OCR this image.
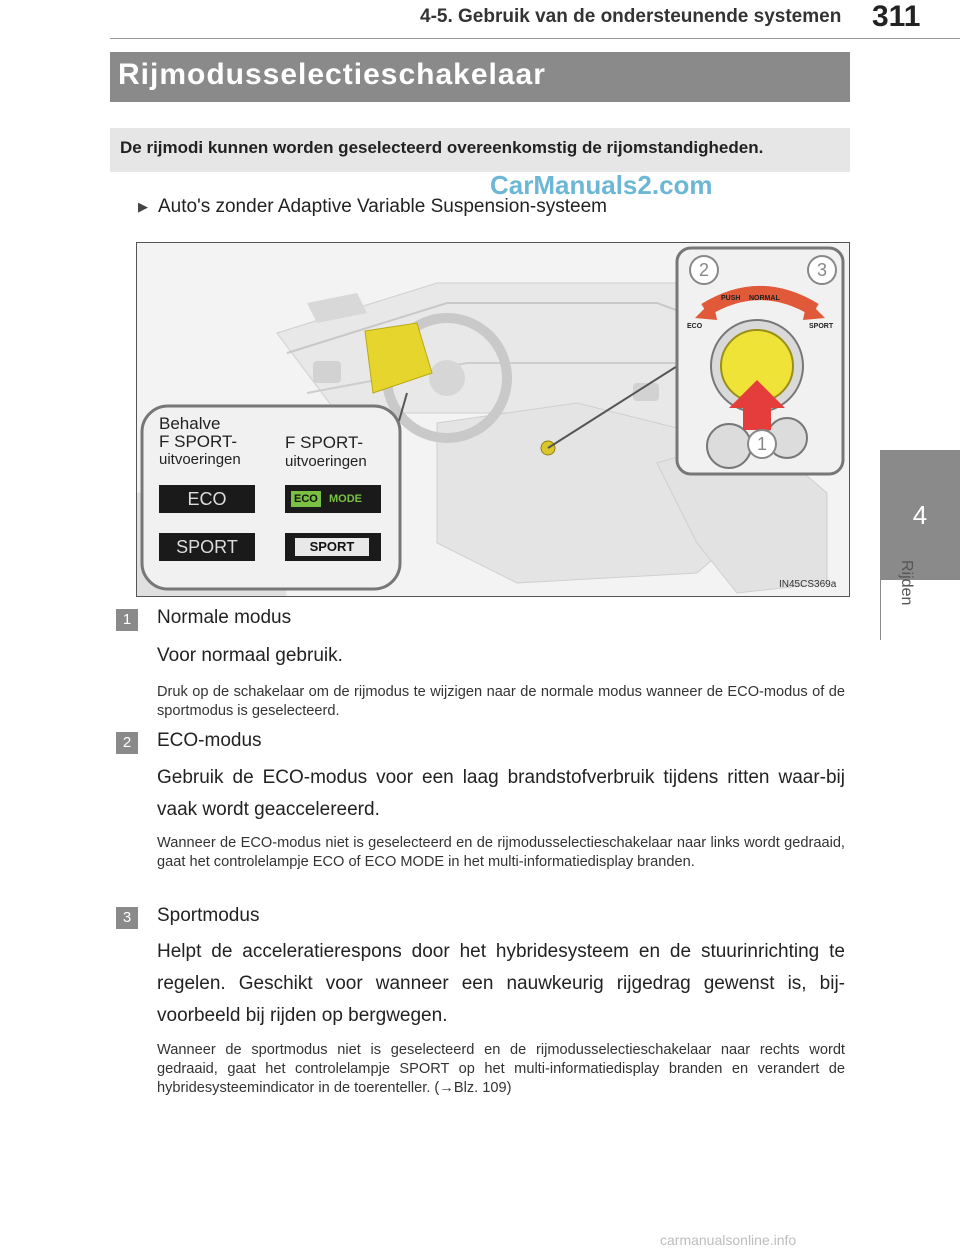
4-5. Gebruik van de ondersteunende systemen 311
4
Rijden
Rijmodusselectieschakelaar
De rijmodi kunnen worden geselecteerd overeenkomstig de rijomstandigheden.
CarManuals2.com
▶ Auto's zonder Adaptive Variable Suspension-systeem
Behalve
F SPORT-
uitvoeringen
F SPORT-
uitvoeringen
ECO	ECO MODE
SPORT	SPORT
PUSH NORMAL
ECO	SPORT
2	3
1
IN45CS369a
1	Normale modus
Voor normaal gebruik.
Druk op de schakelaar om de rijmodus te wijzigen naar de normale modus wanneer de ECO-modus of de sportmodus is geselecteerd.
2	ECO-modus
Gebruik de ECO-modus voor een laag brandstofverbruik tijdens ritten waar-bij vaak wordt geaccelereerd.
Wanneer de ECO-modus niet is geselecteerd en de rijmodusselectieschakelaar naar links wordt gedraaid, gaat het controlelampje ECO of ECO MODE in het multi-informatiedisplay branden.
3	Sportmodus
Helpt de acceleratierespons door het hybridesysteem en de stuurinrichting te regelen. Geschikt voor wanneer een nauwkeurig rijgedrag gewenst is, bij-voorbeeld bij rijden op bergwegen.
Wanneer de sportmodus niet is geselecteerd en de rijmodusselectieschakelaar naar rechts wordt gedraaid, gaat het controlelampje SPORT op het multi-informatiedisplay branden en verandert de hybridesysteemindicator in de toerenteller. (→Blz. 109)
carmanualsonline.info
